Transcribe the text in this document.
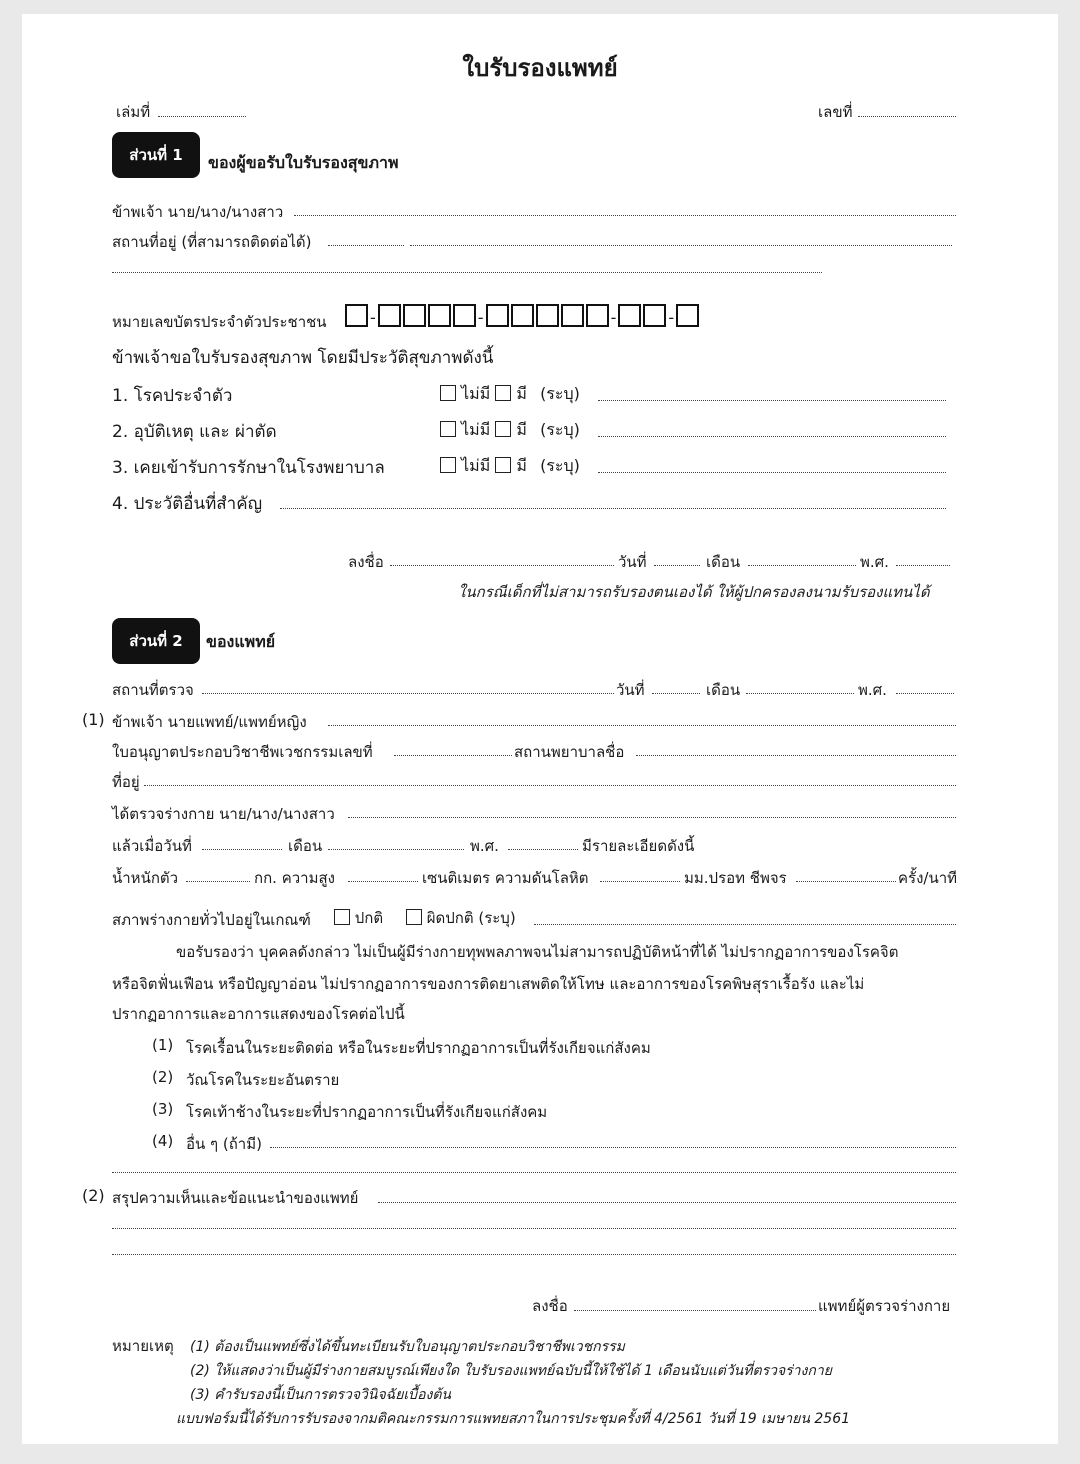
ใบรับรองแพทย์
เล่มที่	เลขที่
ส่วนที่ 1	ของผู้ขอรับใบรับรองสุขภาพ
ข้าพเจ้า นาย/นาง/นางสาว
สถานที่อยู่ (ที่สามารถติดต่อได้)
หมายเลขบัตรประจำตัวประชาชน	-	-	-	-
ข้าพเจ้าขอใบรับรองสุขภาพ โดยมีประวัติสุขภาพดังนี้
1. โรคประจำตัว	ไม่มี มี (ระบุ)
2. อุบัติเหตุ และ ผ่าตัด	ไม่มี มี (ระบุ)
3. เคยเข้ารับการรักษาในโรงพยาบาล	ไม่มี มี (ระบุ)
4. ประวัติอื่นที่สำคัญ
ลงชื่อ	วันที่	เดือน	พ.ศ.
ในกรณีเด็กที่ไม่สามารถรับรองตนเองได้ ให้ผู้ปกครองลงนามรับรองแทนได้
ส่วนที่ 2	ของแพทย์
สถานที่ตรวจ	วันที่	เดือน	พ.ศ.
(1) ข้าพเจ้า นายแพทย์/แพทย์หญิง
ใบอนุญาตประกอบวิชาชีพเวชกรรมเลขที่	สถานพยาบาลชื่อ
ที่อยู่
ได้ตรวจร่างกาย นาย/นาง/นางสาว
แล้วเมื่อวันที่	เดือน	พ.ศ.	มีรายละเอียดดังนี้
น้ำหนักตัว	กก. ความสูง	เซนติเมตร ความดันโลหิต	มม.ปรอท ชีพจร	ครั้ง/นาที
สภาพร่างกายทั่วไปอยู่ในเกณฑ์	ปกติ	ผิดปกติ (ระบุ)
ขอรับรองว่า บุคคลดังกล่าว ไม่เป็นผู้มีร่างกายทุพพลภาพจนไม่สามารถปฏิบัติหน้าที่ได้ ไม่ปรากฏอาการของโรคจิต
หรือจิตฟั่นเฟือน หรือปัญญาอ่อน ไม่ปรากฏอาการของการติดยาเสพติดให้โทษ และอาการของโรคพิษสุราเรื้อรัง และไม่
ปรากฏอาการและอาการแสดงของโรคต่อไปนี้
(1) โรคเรื้อนในระยะติดต่อ หรือในระยะที่ปรากฏอาการเป็นที่รังเกียจแก่สังคม
(2) วัณโรคในระยะอันตราย
(3) โรคเท้าช้างในระยะที่ปรากฏอาการเป็นที่รังเกียจแก่สังคม
(4) อื่น ๆ (ถ้ามี)
(2) สรุปความเห็นและข้อแนะนำของแพทย์
ลงชื่อ	แพทย์ผู้ตรวจร่างกาย
หมายเหตุ (1) ต้องเป็นแพทย์ซึ่งได้ขึ้นทะเบียนรับใบอนุญาตประกอบวิชาชีพเวชกรรม
(2) ให้แสดงว่าเป็นผู้มีร่างกายสมบูรณ์เพียงใด ใบรับรองแพทย์ฉบับนี้ให้ใช้ได้ 1 เดือนนับแต่วันที่ตรวจร่างกาย
(3) คำรับรองนี้เป็นการตรวจวินิจฉัยเบื้องต้น
แบบฟอร์มนี้ได้รับการรับรองจากมติคณะกรรมการแพทยสภาในการประชุมครั้งที่ 4/2561 วันที่ 19 เมษายน 2561
